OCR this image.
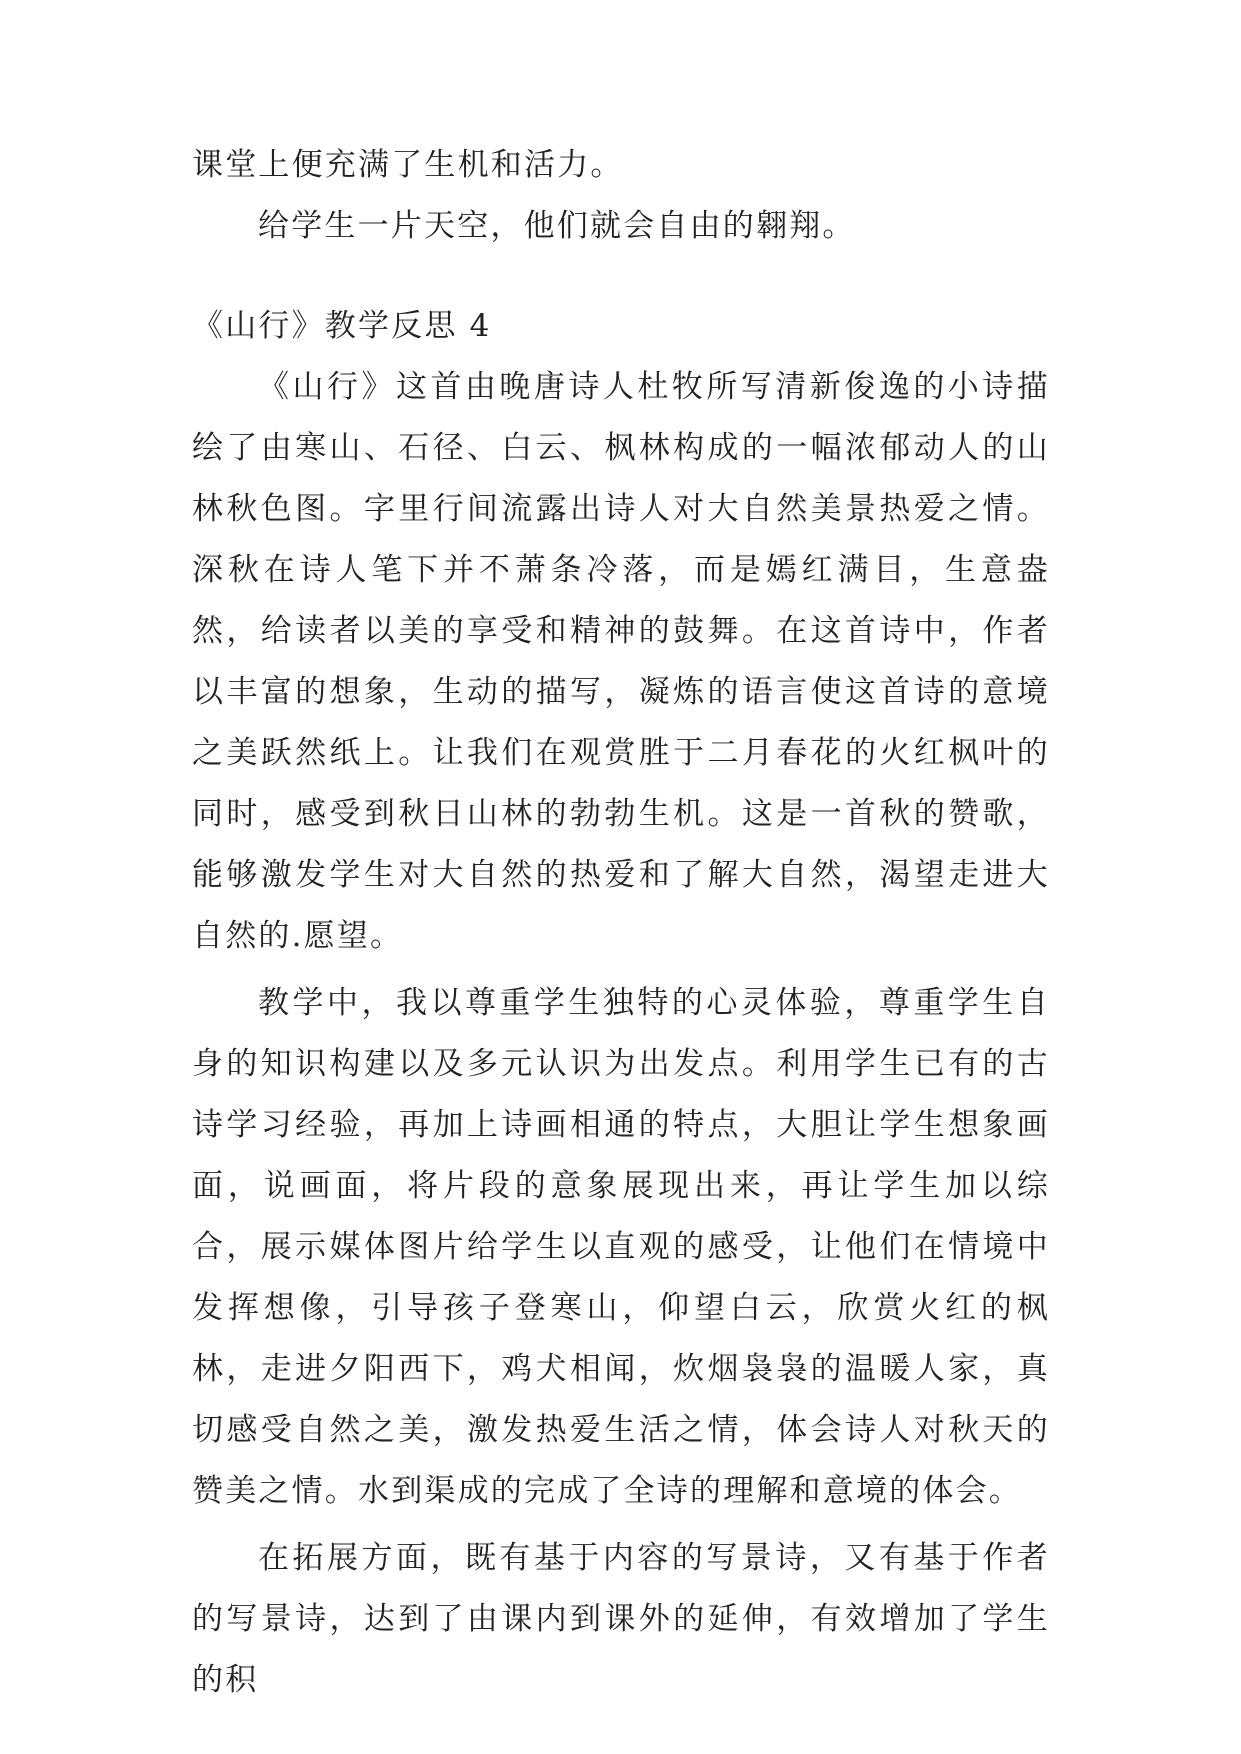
课堂上便充满了生机和活力。

给学生一片天空，他们就会自由的翱翔。

《山行》教学反思 4

《山行》这首由晚唐诗人杜牧所写清新俊逸的小诗描绘了由寒山、石径、白云、枫林构成的一幅浓郁动人的山林秋色图。字里行间流露出诗人对大自然美景热爱之情。深秋在诗人笔下并不萧条冷落，而是嫣红满目，生意盎然，给读者以美的享受和精神的鼓舞。在这首诗中，作者以丰富的想象，生动的描写，凝炼的语言使这首诗的意境之美跃然纸上。让我们在观赏胜于二月春花的火红枫叶的同时，感受到秋日山林的勃勃生机。这是一首秋的赞歌，能够激发学生对大自然的热爱和了解大自然，渴望走进大自然的.愿望。

教学中，我以尊重学生独特的心灵体验，尊重学生自身的知识构建以及多元认识为出发点。利用学生已有的古诗学习经验，再加上诗画相通的特点，大胆让学生想象画面，说画面，将片段的意象展现出来，再让学生加以综合，展示媒体图片给学生以直观的感受，让他们在情境中发挥想像，引导孩子登寒山，仰望白云，欣赏火红的枫林，走进夕阳西下，鸡犬相闻，炊烟袅袅的温暖人家，真切感受自然之美，激发热爱生活之情，体会诗人对秋天的赞美之情。水到渠成的完成了全诗的理解和意境的体会。

在拓展方面，既有基于内容的写景诗，又有基于作者的写景诗，达到了由课内到课外的延伸，有效增加了学生的积
